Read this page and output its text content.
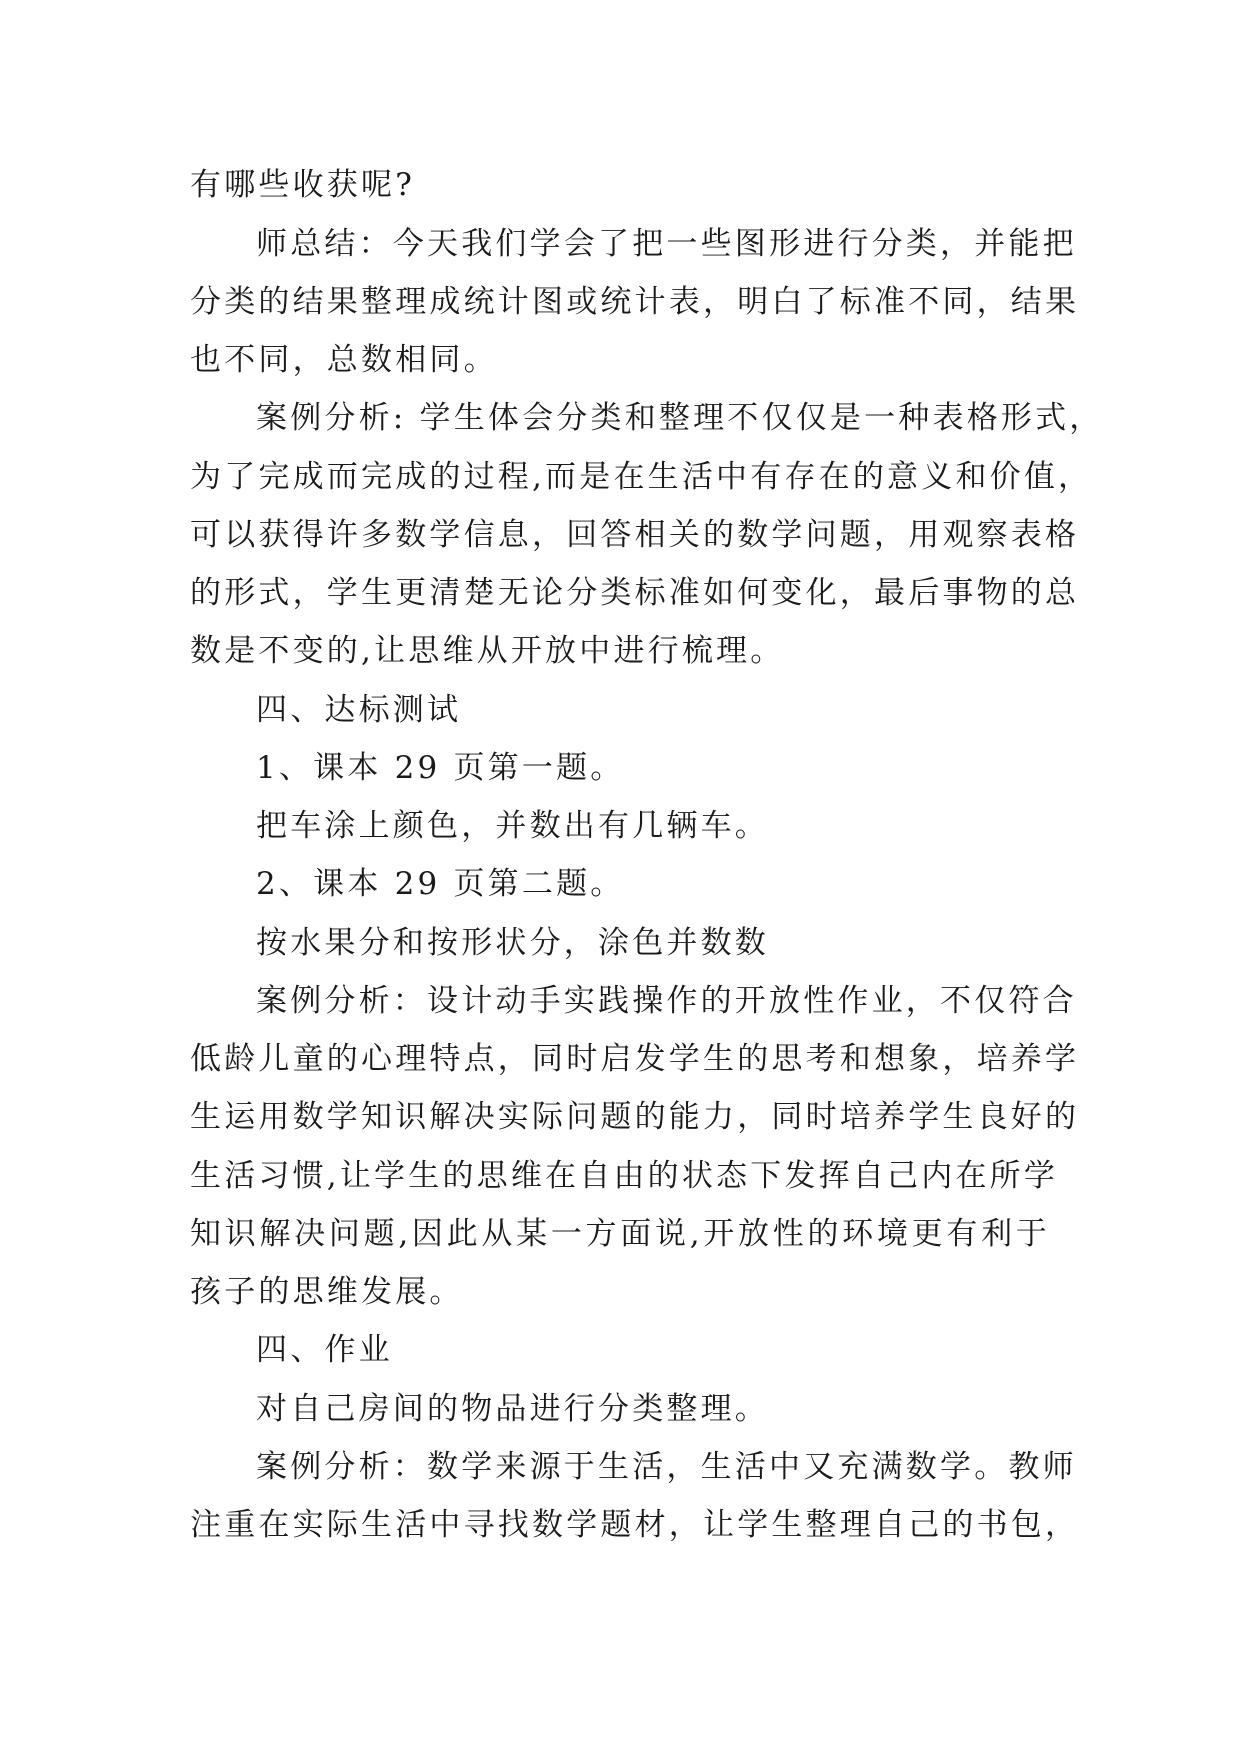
有哪些收获呢?
师总结：今天我们学会了把一些图形进行分类，并能把
分类的结果整理成统计图或统计表，明白了标准不同，结果
也不同，总数相同。
案例分析: 学生体会分类和整理不仅仅是一种表格形式，
为了完成而完成的过程,而是在生活中有存在的意义和价值，
可以获得许多数学信息，回答相关的数学问题，用观察表格
的形式，学生更清楚无论分类标准如何变化，最后事物的总
数是不变的,让思维从开放中进行梳理。
四、达标测试
1、课本 29 页第一题。
把车涂上颜色，并数出有几辆车。
2、课本 29 页第二题。
按水果分和按形状分，涂色并数数
案例分析：设计动手实践操作的开放性作业，不仅符合
低龄儿童的心理特点，同时启发学生的思考和想象，培养学
生运用数学知识解决实际问题的能力，同时培养学生良好的
生活习惯,让学生的思维在自由的状态下发挥自己内在所学
知识解决问题,因此从某一方面说,开放性的环境更有利于
孩子的思维发展。
四、作业
对自己房间的物品进行分类整理。
案例分析：数学来源于生活，生活中又充满数学。教师
注重在实际生活中寻找数学题材，让学生整理自己的书包，
